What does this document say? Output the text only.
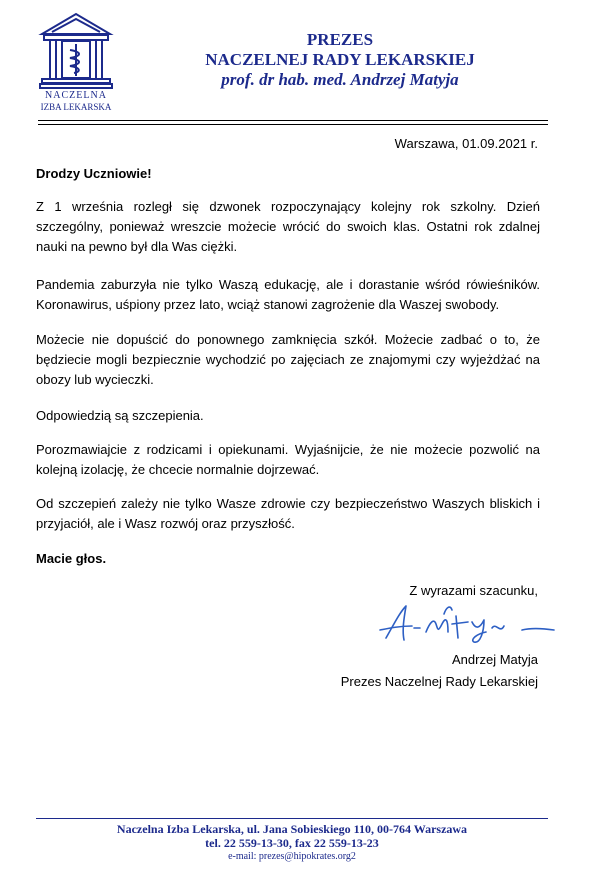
NACZELNA
IZBA LEKARSKA
PREZES
NACZELNEJ RADY LEKARSKIEJ
prof. dr hab. med. Andrzej Matyja
Warszawa, 01.09.2021 r.
Drodzy Uczniowie!

Z 1 września rozległ się dzwonek rozpoczynający kolejny rok szkolny. Dzień szczególny, ponieważ wreszcie możecie wrócić do swoich klas. Ostatni rok zdalnej nauki na pewno był dla Was ciężki.

Pandemia zaburzyła nie tylko Waszą edukację, ale i dorastanie wśród rówieśników. Koronawirus, uśpiony przez lato, wciąż stanowi zagrożenie dla Waszej swobody.

Możecie nie dopuścić do ponownego zamknięcia szkół. Możecie zadbać o to, że będziecie mogli bezpiecznie wychodzić po zajęciach ze znajomymi czy wyjeżdżać na obozy lub wycieczki.

Odpowiedzią są szczepienia.

Porozmawiajcie z rodzicami i opiekunami. Wyjaśnijcie, że nie możecie pozwolić na kolejną izolację, że chcecie normalnie dojrzewać.

Od szczepień zależy nie tylko Wasze zdrowie czy bezpieczeństwo Waszych bliskich i przyjaciół, ale i Wasz rozwój oraz przyszłość.

Macie głos.
Z wyrazami szacunku,
Andrzej Matyja
Prezes Naczelnej Rady Lekarskiej
Naczelna Izba Lekarska, ul. Jana Sobieskiego 110, 00-764 Warszawa
tel. 22 559-13-30, fax 22 559-13-23
e-mail: prezes@hipokrates.org2
